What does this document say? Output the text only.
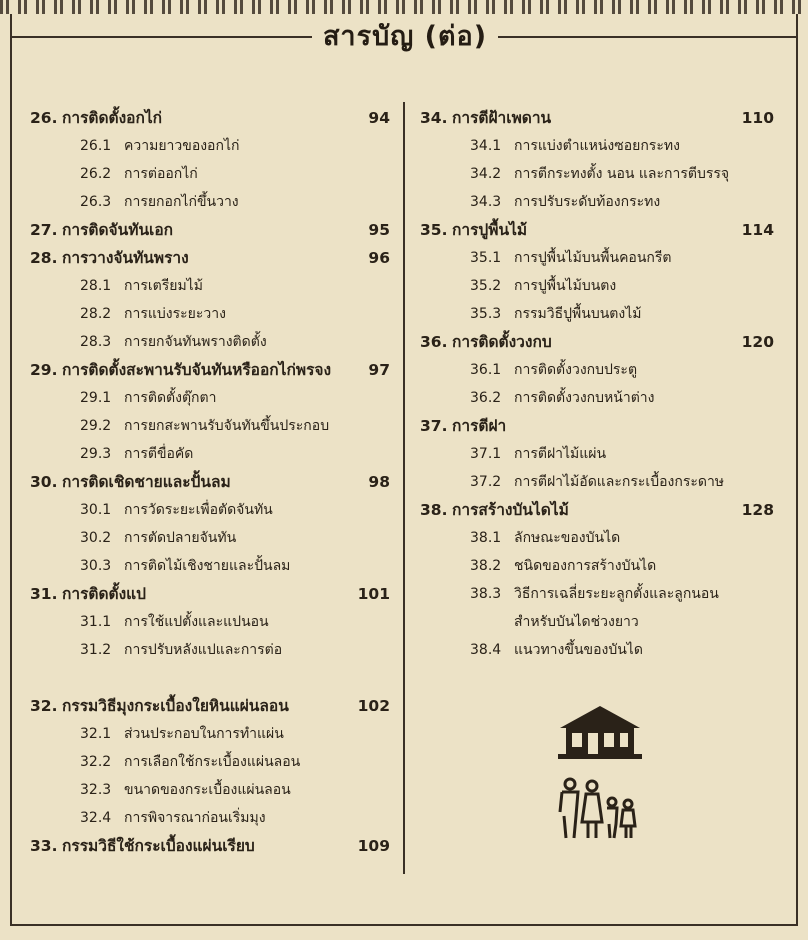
สารบัญ (ต่อ)
26. การติดตั้งอกไก่	94
26.1 ความยาวของอกไก่
26.2 การต่ออกไก่
26.3 การยกอกไก่ขึ้นวาง
27. การติดจันทันเอก	95
28. การวางจันทันพราง	96
28.1 การเตรียมไม้
28.2 การแบ่งระยะวาง
28.3 การยกจันทันพรางติดตั้ง
29. การติดตั้งสะพานรับจันทันหรืออกไก่พรจง 97
29.1 การติดตั้งตุ๊กตา
29.2 การยกสะพานรับจันทันขึ้นประกอบ
29.3 การตีขื่อคัด
30. การติดเชิดชายและปั้นลม	98
30.1 การวัดระยะเพื่อตัดจันทัน
30.2 การตัดปลายจันทัน
30.3 การติดไม้เชิงชายและปั้นลม
31. การติดตั้งแป	101
31.1 การใช้แปตั้งและแปนอน
31.2 การปรับหลังแปและการต่อ
32. กรรมวิธีมุงกระเบื้องใยหินแผ่นลอน	102
32.1 ส่วนประกอบในการทำแผ่น
32.2 การเลือกใช้กระเบื้องแผ่นลอน
32.3 ขนาดของกระเบื้องแผ่นลอน
32.4 การพิจารณาก่อนเริ่มมุง
33. กรรมวิธีใช้กระเบื้องแผ่นเรียบ	109
34. การตีฝ้าเพดาน	110
34.1 การแบ่งตำแหน่งซอยกระทง
34.2 การตีกระทงตั้ง นอน และการตีบรรจุ
34.3 การปรับระดับท้องกระทง
35. การปูพื้นไม้	114
35.1 การปูพื้นไม้บนพื้นคอนกรีต
35.2 การปูพื้นไม้บนตง
35.3 กรรมวิธีปูพื้นบนตงไม้
36. การติดตั้งวงกบ	120
36.1 การติดตั้งวงกบประตู
36.2 การติดตั้งวงกบหน้าต่าง
37. การตีฝา
37.1 การตีฝาไม้แผ่น
37.2 การตีฝาไม้อัดและกระเบื้องกระดาษ
38. การสร้างบันไดไม้	128
38.1 ลักษณะของบันได
38.2 ชนิดของการสร้างบันได
38.3 วิธีการเฉลี่ยระยะลูกตั้งและลูกนอน
สำหรับบันไดช่วงยาว
38.4 แนวทางขึ้นของบันได
